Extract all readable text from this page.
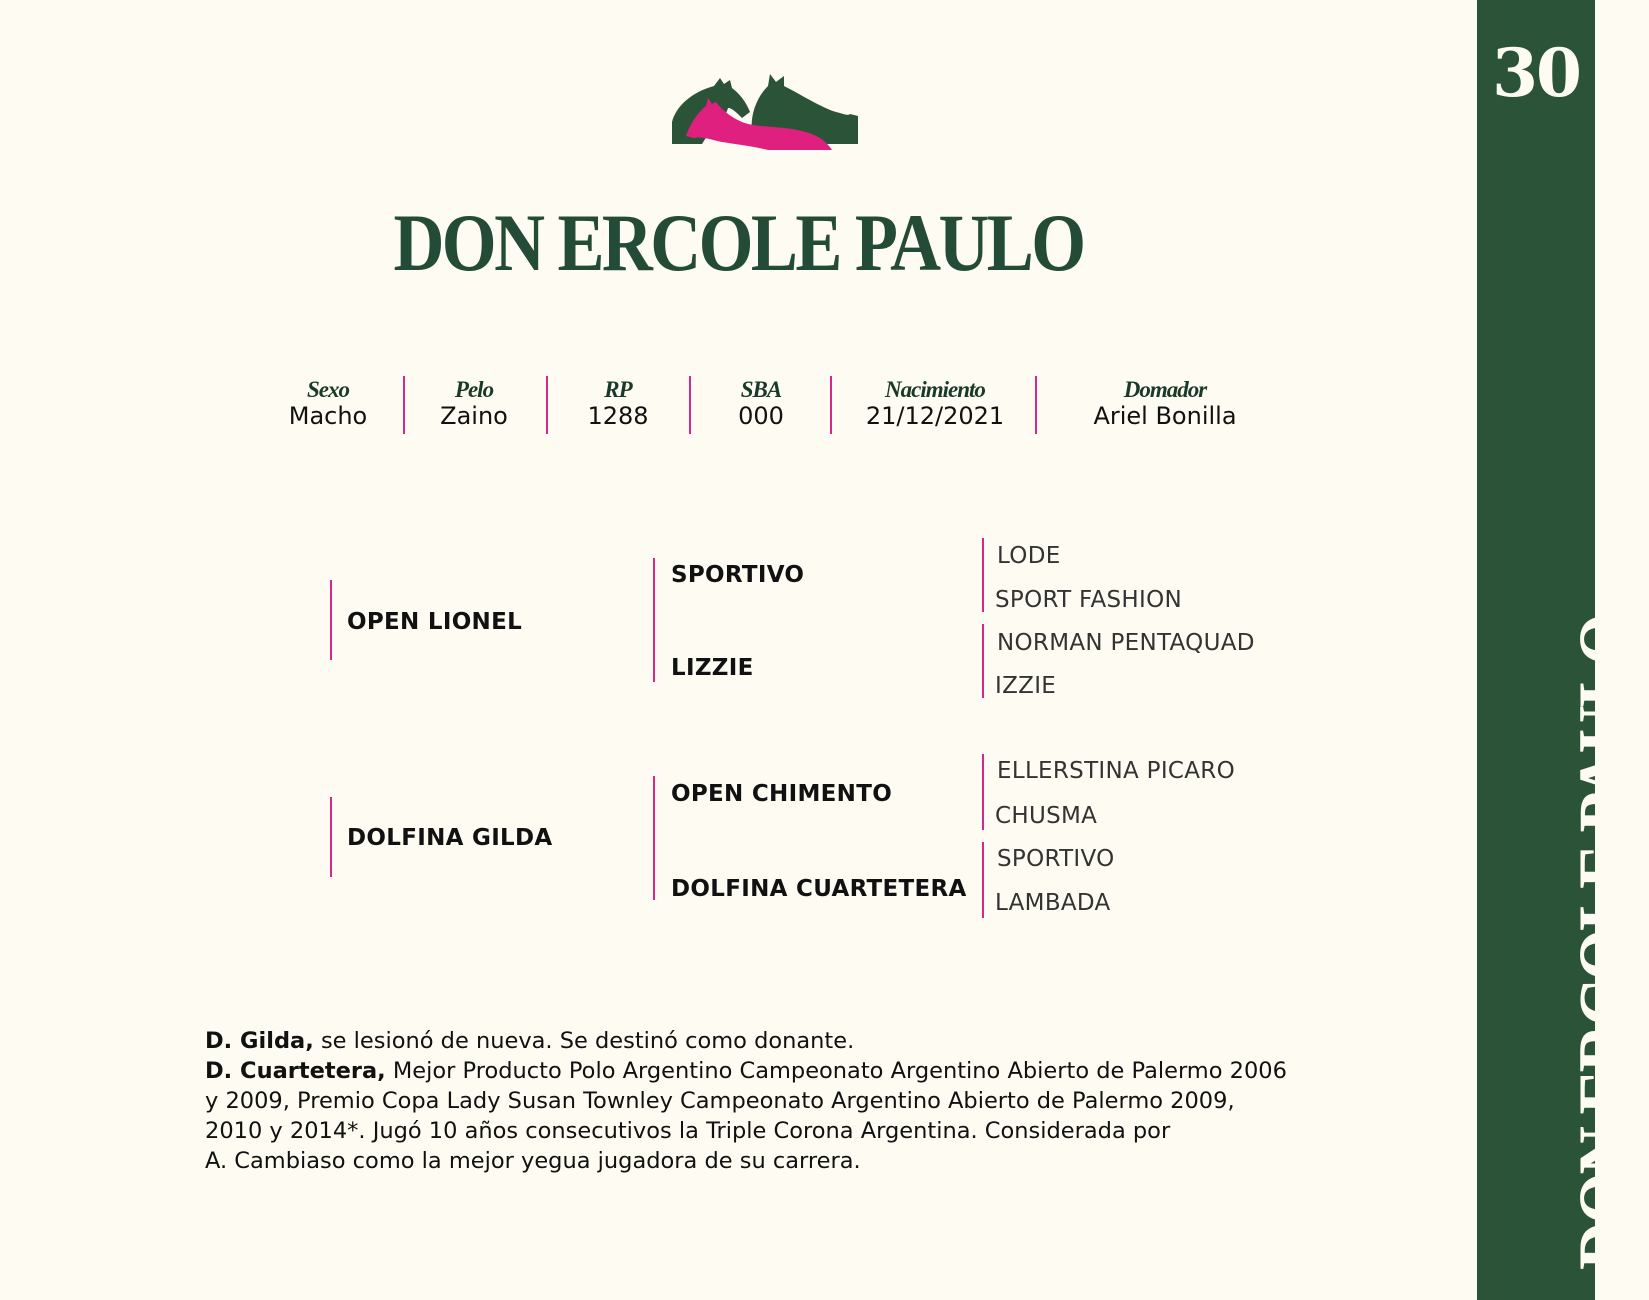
30
DON ERCOLE PAULO
DON ERCOLE PAULO
Sexo
Macho
Pelo
Zaino
RP
1288
SBA
000
Nacimiento
21/12/2021
Domador
Ariel Bonilla
OPEN LIONEL
SPORTIVO
LIZZIE
LODE
SPORT FASHION
NORMAN PENTAQUAD
IZZIE
DOLFINA GILDA
OPEN CHIMENTO
DOLFINA CUARTETERA
ELLERSTINA PICARO
CHUSMA
SPORTIVO
LAMBADA
D. Gilda, se lesionó de nueva. Se destinó como donante.
D. Cuartetera, Mejor Producto Polo Argentino Campeonato Argentino Abierto de Palermo 2006
y 2009, Premio Copa Lady Susan Townley Campeonato Argentino Abierto de Palermo 2009,
2010 y 2014*. Jugó 10 años consecutivos la Triple Corona Argentina. Considerada por
A. Cambiaso como la mejor yegua jugadora de su carrera.
